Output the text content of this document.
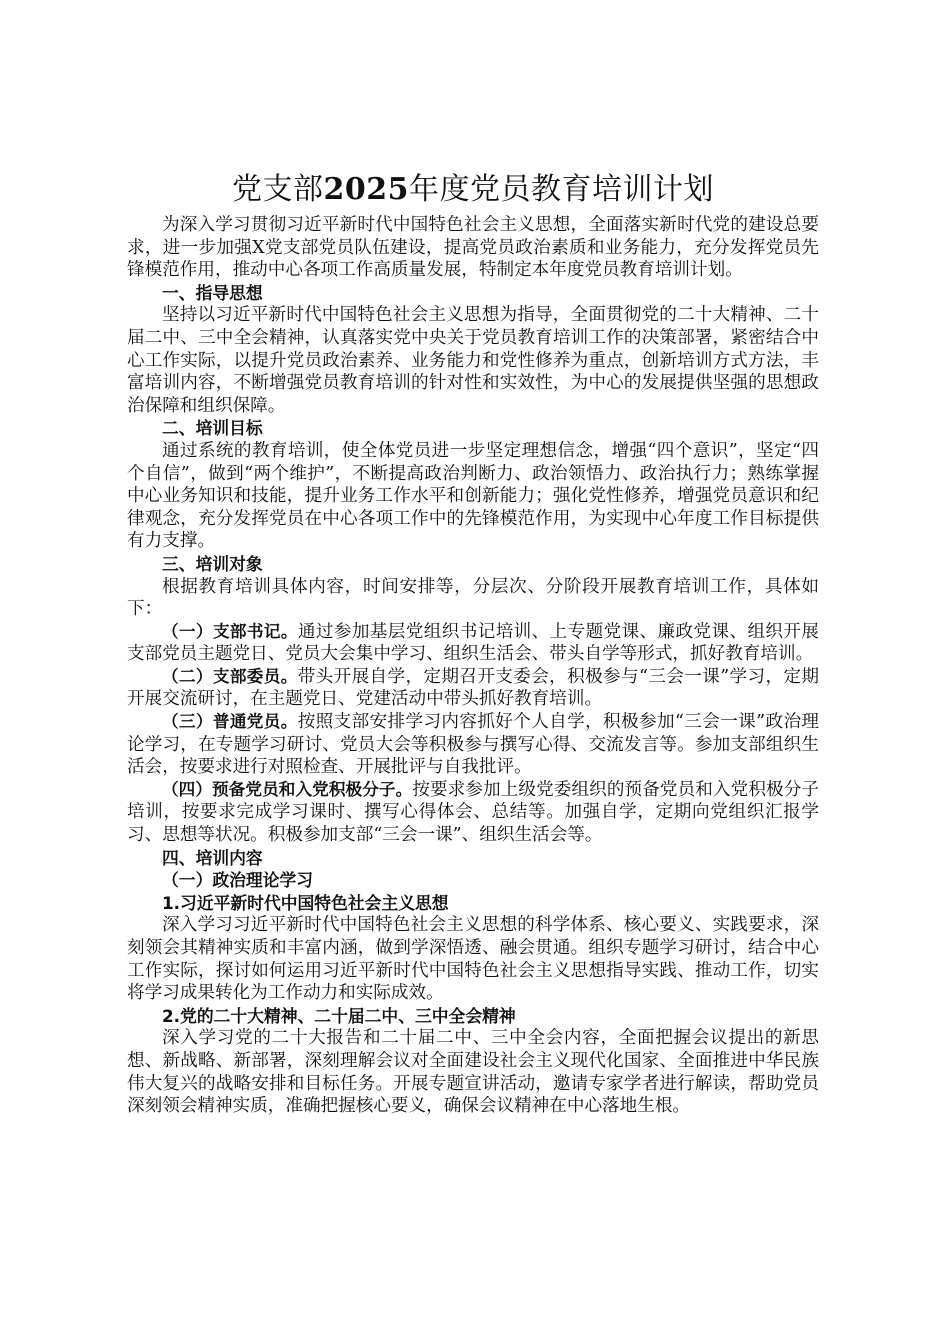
党支部2025年度党员教育培训计划

为深入学习贯彻习近平新时代中国特色社会主义思想，全面落实新时代党的建设总要求，进一步加强X党支部党员队伍建设，提高党员政治素质和业务能力，充分发挥党员先锋模范作用，推动中心各项工作高质量发展，特制定本年度党员教育培训计划。

一、指导思想

坚持以习近平新时代中国特色社会主义思想为指导，全面贯彻党的二十大精神、二十届二中、三中全会精神，认真落实党中央关于党员教育培训工作的决策部署，紧密结合中心工作实际，以提升党员政治素养、业务能力和党性修养为重点，创新培训方式方法，丰富培训内容，不断增强党员教育培训的针对性和实效性，为中心的发展提供坚强的思想政治保障和组织保障。

二、培训目标

通过系统的教育培训，使全体党员进一步坚定理想信念，增强“四个意识”，坚定“四个自信”，做到“两个维护”，不断提高政治判断力、政治领悟力、政治执行力；熟练掌握中心业务知识和技能，提升业务工作水平和创新能力；强化党性修养，增强党员意识和纪律观念，充分发挥党员在中心各项工作中的先锋模范作用，为实现中心年度工作目标提供有力支撑。

三、培训对象

根据教育培训具体内容，时间安排等，分层次、分阶段开展教育培训工作，具体如下：

（一）支部书记。通过参加基层党组织书记培训、上专题党课、廉政党课、组织开展支部党员主题党日、党员大会集中学习、组织生活会、带头自学等形式，抓好教育培训。

（二）支部委员。带头开展自学，定期召开支委会，积极参与“三会一课”学习，定期开展交流研讨，在主题党日、党建活动中带头抓好教育培训。

（三）普通党员。按照支部安排学习内容抓好个人自学，积极参加“三会一课”政治理论学习，在专题学习研讨、党员大会等积极参与撰写心得、交流发言等。参加支部组织生活会，按要求进行对照检查、开展批评与自我批评。

（四）预备党员和入党积极分子。按要求参加上级党委组织的预备党员和入党积极分子培训，按要求完成学习课时、撰写心得体会、总结等。加强自学，定期向党组织汇报学习、思想等状况。积极参加支部“三会一课”、组织生活会等。

四、培训内容

（一）政治理论学习

1.习近平新时代中国特色社会主义思想

深入学习习近平新时代中国特色社会主义思想的科学体系、核心要义、实践要求，深刻领会其精神实质和丰富内涵，做到学深悟透、融会贯通。组织专题学习研讨，结合中心工作实际，探讨如何运用习近平新时代中国特色社会主义思想指导实践、推动工作，切实将学习成果转化为工作动力和实际成效。

2.党的二十大精神、二十届二中、三中全会精神

深入学习党的二十大报告和二十届二中、三中全会内容，全面把握会议提出的新思想、新战略、新部署，深刻理解会议对全面建设社会主义现代化国家、全面推进中华民族伟大复兴的战略安排和目标任务。开展专题宣讲活动，邀请专家学者进行解读，帮助党员深刻领会精神实质，准确把握核心要义，确保会议精神在中心落地生根。
